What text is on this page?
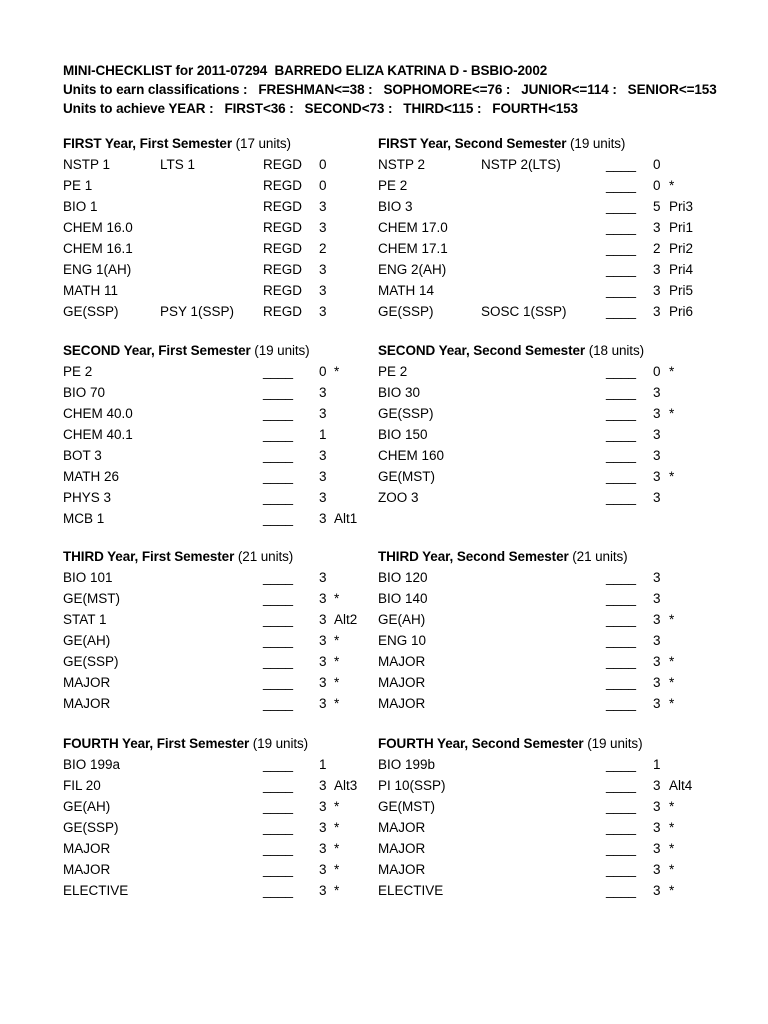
MINI-CHECKLIST for 2011-07294  BARREDO ELIZA KATRINA D - BSBIO-2002
Units to earn classifications :   FRESHMAN<=38 :   SOPHOMORE<=76 :   JUNIOR<=114 :   SENIOR<=153
Units to achieve YEAR :   FIRST<36 :   SECOND<73 :   THIRD<115 :   FOURTH<153
FIRST Year, First Semester (17 units)
NSTP 1	LTS 1	REGD 0
PE 1	REGD 0
BIO 1	REGD 3
CHEM 16.0	REGD 3
CHEM 16.1	REGD 2
ENG 1(AH)	REGD 3
MATH 11	REGD 3
GE(SSP)	PSY 1(SSP) REGD 3
FIRST Year, Second Semester (19 units)
NSTP 2	NSTP 2(LTS)	____ 0
PE 2	____ 0 *
BIO 3	____ 5 Pri3
CHEM 17.0	____ 3 Pri1
CHEM 17.1	____ 2 Pri2
ENG 2(AH)	____ 3 Pri4
MATH 14	____ 3 Pri5
GE(SSP)	SOSC 1(SSP)	____ 3 Pri6
SECOND Year, First Semester (19 units)
PE 2	____ 0 *
BIO 70	____ 3
CHEM 40.0	____ 3
CHEM 40.1	____ 1
BOT 3	____ 3
MATH 26	____ 3
PHYS 3	____ 3
MCB 1	____ 3 Alt1
SECOND Year, Second Semester (18 units)
PE 2	____ 0 *
BIO 30	____ 3
GE(SSP)	____ 3 *
BIO 150	____ 3
CHEM 160	____ 3
GE(MST)	____ 3 *
ZOO 3	____ 3
THIRD Year, First Semester (21 units)
BIO 101	____ 3
GE(MST)	____ 3 *
STAT 1	____ 3 Alt2
GE(AH)	____ 3 *
GE(SSP)	____ 3 *
MAJOR	____ 3 *
MAJOR	____ 3 *
THIRD Year, Second Semester (21 units)
BIO 120	____ 3
BIO 140	____ 3
GE(AH)	____ 3 *
ENG 10	____ 3
MAJOR	____ 3 *
MAJOR	____ 3 *
MAJOR	____ 3 *
FOURTH Year, First Semester (19 units)
BIO 199a	____ 1
FIL 20	____ 3 Alt3
GE(AH)	____ 3 *
GE(SSP)	____ 3 *
MAJOR	____ 3 *
MAJOR	____ 3 *
ELECTIVE	____ 3 *
FOURTH Year, Second Semester (19 units)
BIO 199b	____ 1
PI 10(SSP)	____ 3 Alt4
GE(MST)	____ 3 *
MAJOR	____ 3 *
MAJOR	____ 3 *
MAJOR	____ 3 *
ELECTIVE	____ 3 *
